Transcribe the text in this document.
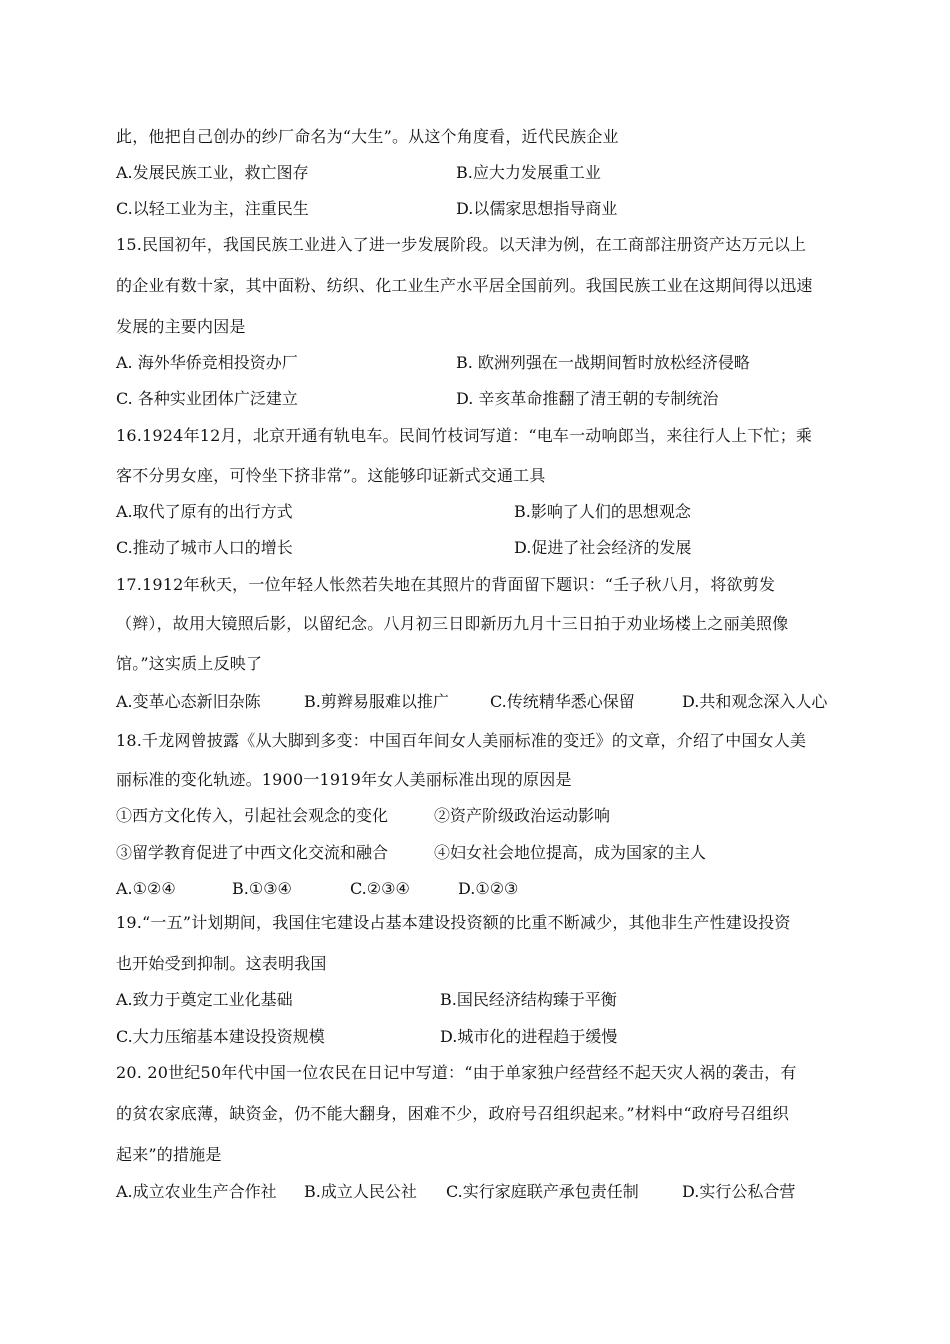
此，他把自己创办的纱厂命名为“大生”。从这个角度看，近代民族企业
A.发展民族工业，救亡图存	B.应大力发展重工业
C.以轻工业为主，注重民生	D.以儒家思想指导商业
15.民国初年，我国民族工业进入了进一步发展阶段。以天津为例，在工商部注册资产达万元以上
的企业有数十家，其中面粉、纺织、化工业生产水平居全国前列。我国民族工业在这期间得以迅速
发展的主要内因是
A. 海外华侨竞相投资办厂	B. 欧洲列强在一战期间暂时放松经济侵略
C. 各种实业团体广泛建立	D. 辛亥革命推翻了清王朝的专制统治
16.1924年12月，北京开通有轨电车。民间竹枝词写道：“电车一动响郎当，来往行人上下忙；乘
客不分男女座，可怜坐下挤非常”。这能够印证新式交通工具
A.取代了原有的出行方式	B.影响了人们的思想观念
C.推动了城市人口的增长	D.促进了社会经济的发展
17.1912年秋天，一位年轻人怅然若失地在其照片的背面留下题识：“壬子秋八月，将欲剪发
（辫），故用大镜照后影，以留纪念。八月初三日即新历九月十三日拍于劝业场楼上之丽美照像
馆。”这实质上反映了
A.变革心态新旧杂陈	B.剪辫易服难以推广	C.传统精华悉心保留	D.共和观念深入人心
18.千龙网曾披露《从大脚到多变：中国百年间女人美丽标准的变迁》的文章，介绍了中国女人美
丽标准的变化轨迹。1900一1919年女人美丽标准出现的原因是
①西方文化传入，引起社会观念的变化	②资产阶级政治运动影响
③留学教育促进了中西文化交流和融合	④妇女社会地位提高，成为国家的主人
A.①②④	B.①③④	C.②③④	D.①②③
19.“一五”计划期间，我国住宅建设占基本建设投资额的比重不断减少，其他非生产性建设投资
也开始受到抑制。这表明我国
A.致力于奠定工业化基础	B.国民经济结构臻于平衡
C.大力压缩基本建设投资规模	D.城市化的进程趋于缓慢
20. 20世纪50年代中国一位农民在日记中写道：“由于单家独户经营经不起天灾人祸的袭击，有
的贫农家底薄，缺资金，仍不能大翻身，困难不少，政府号召组织起来。”材料中“政府号召组织
起来”的措施是
A.成立农业生产合作社 B.成立人民公社 C.实行家庭联产承包责任制	D.实行公私合营
